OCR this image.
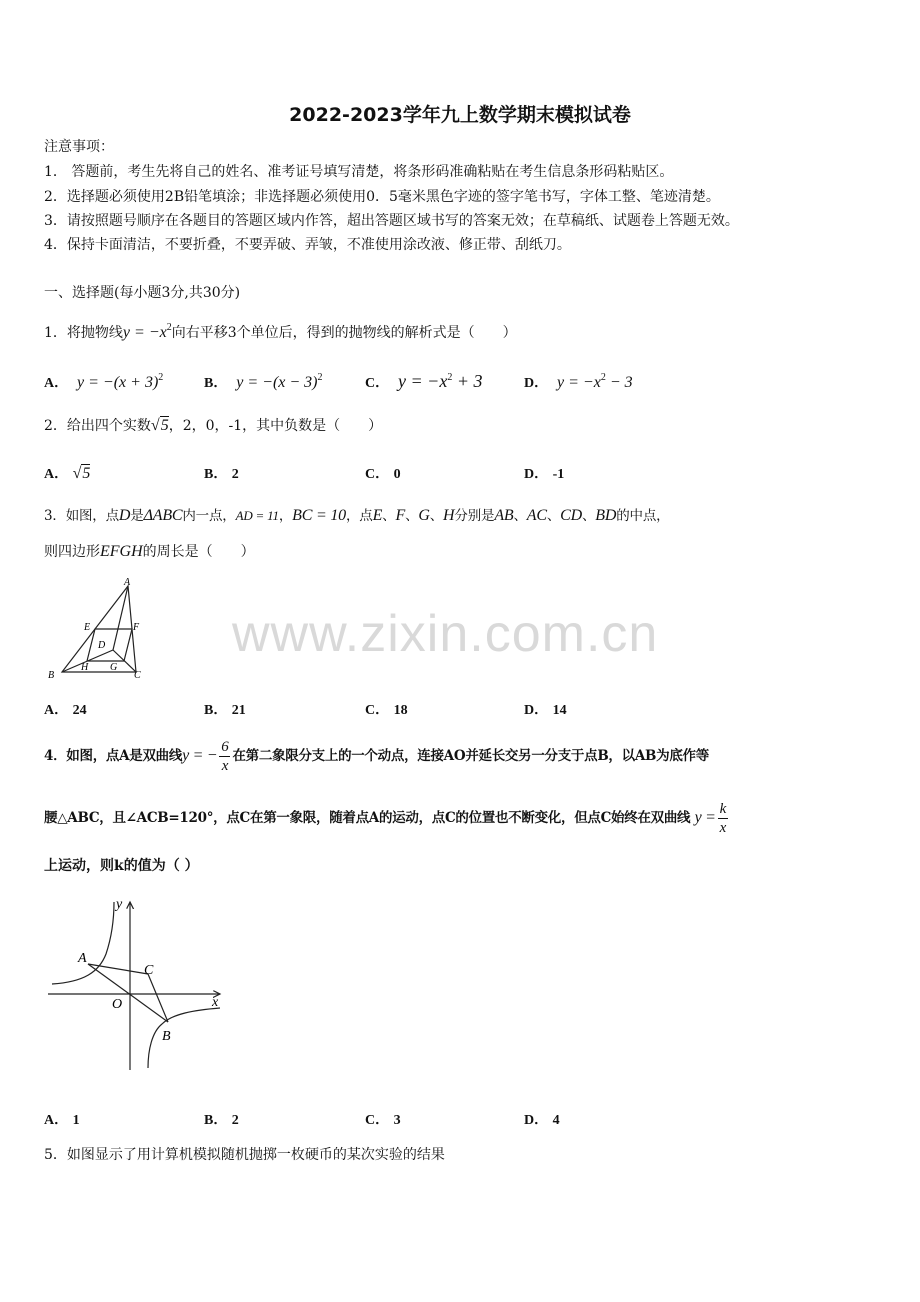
2022-2023学年九上数学期末模拟试卷
注意事项：
1． 答题前，考生先将自己的姓名、准考证号填写清楚，将条形码准确粘贴在考生信息条形码粘贴区。
2．选择题必须使用2B铅笔填涂；非选择题必须使用0．5毫米黑色字迹的签字笔书写，字体工整、笔迹清楚。
3．请按照题号顺序在各题目的答题区域内作答，超出答题区域书写的答案无效；在草稿纸、试题卷上答题无效。
4．保持卡面清洁，不要折叠，不要弄破、弄皱，不准使用涂改液、修正带、刮纸刀。
一、选择题(每小题3分,共30分)
1．将抛物线$y = -x^2$向右平移3个单位后，得到的抛物线的解析式是（　　）
A． $y = -(x + 3)^2$	B． $y = -(x - 3)^2$	C． $y = -x^2 + 3$	D． $y = -x^2 - 3$
2．给出四个实数√5，2，0，-1，其中负数是（　　）
A． √5	B． 2	C． 0	D． -1
3．如图，点D是ΔABC内一点，AD = 11，BC = 10，点E、F、G、H分别是AB、AC、CD、BD的中点，
则四边形EFGH的周长是（　　）
A
B	C
D
E	F
G
H
www.zixin.com.cn
A． 24	B． 21	C． 18	D． 14
4．如图，点A是双曲线y = − $\frac{6}{x}$ 在第二象限分支上的一个动点，连接AO并延长交另一分支于点B，以AB为底作等
腰△ABC，且∠ACB=120°，点C在第一象限，随着点A的运动，点C的位置也不断变化，但点C始终在双曲线 $y = \frac{k}{x}$
上运动，则k的值为（ ）
y
x
O
A
B
C
A． 1	B． 2	C． 3	D． 4
5．如图显示了用计算机模拟随机抛掷一枚硬币的某次实验的结果
